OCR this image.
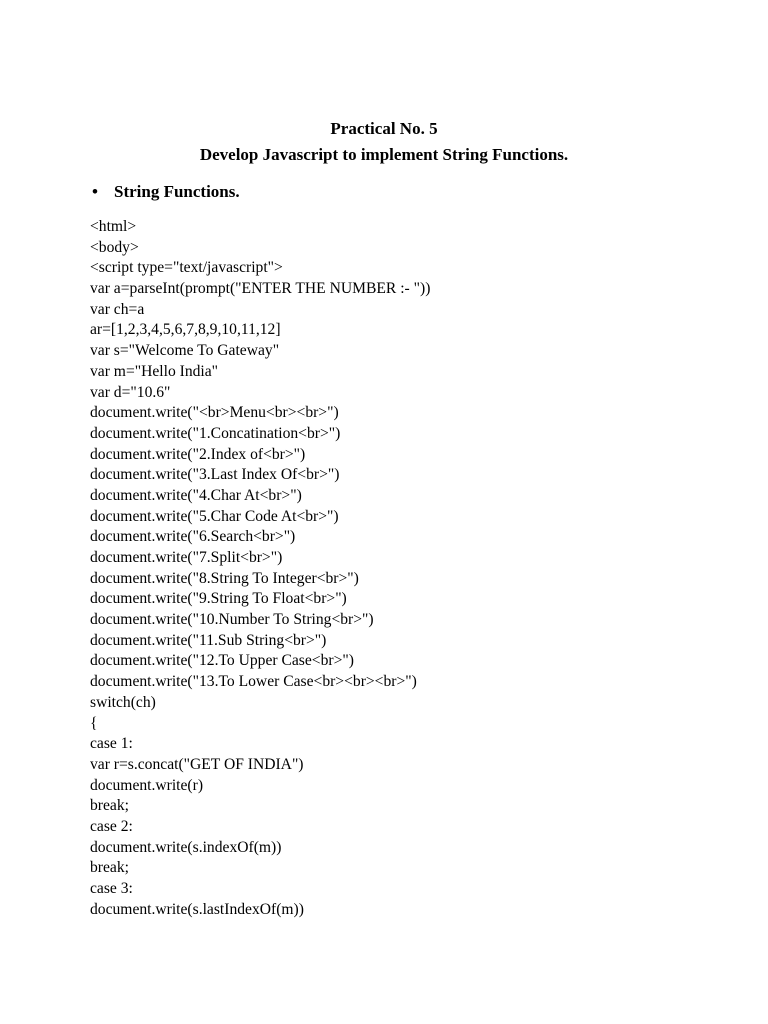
Practical No. 5
Develop Javascript to implement String Functions.
• String Functions.
<html>
<body>
<script type="text/javascript">
var a=parseInt(prompt("ENTER THE NUMBER :- "))
var ch=a
ar=[1,2,3,4,5,6,7,8,9,10,11,12]
var s="Welcome To Gateway"
var m="Hello India"
var d="10.6"
document.write("<br>Menu<br><br>")
document.write("1.Concatination<br>")
document.write("2.Index of<br>")
document.write("3.Last Index Of<br>")
document.write("4.Char At<br>")
document.write("5.Char Code At<br>")
document.write("6.Search<br>")
document.write("7.Split<br>")
document.write("8.String To Integer<br>")
document.write("9.String To Float<br>")
document.write("10.Number To String<br>")
document.write("11.Sub String<br>")
document.write("12.To Upper Case<br>")
document.write("13.To Lower Case<br><br><br>")
switch(ch)
{
case 1:
var r=s.concat("GET OF INDIA")
document.write(r)
break;
case 2:
document.write(s.indexOf(m))
break;
case 3:
document.write(s.lastIndexOf(m))
